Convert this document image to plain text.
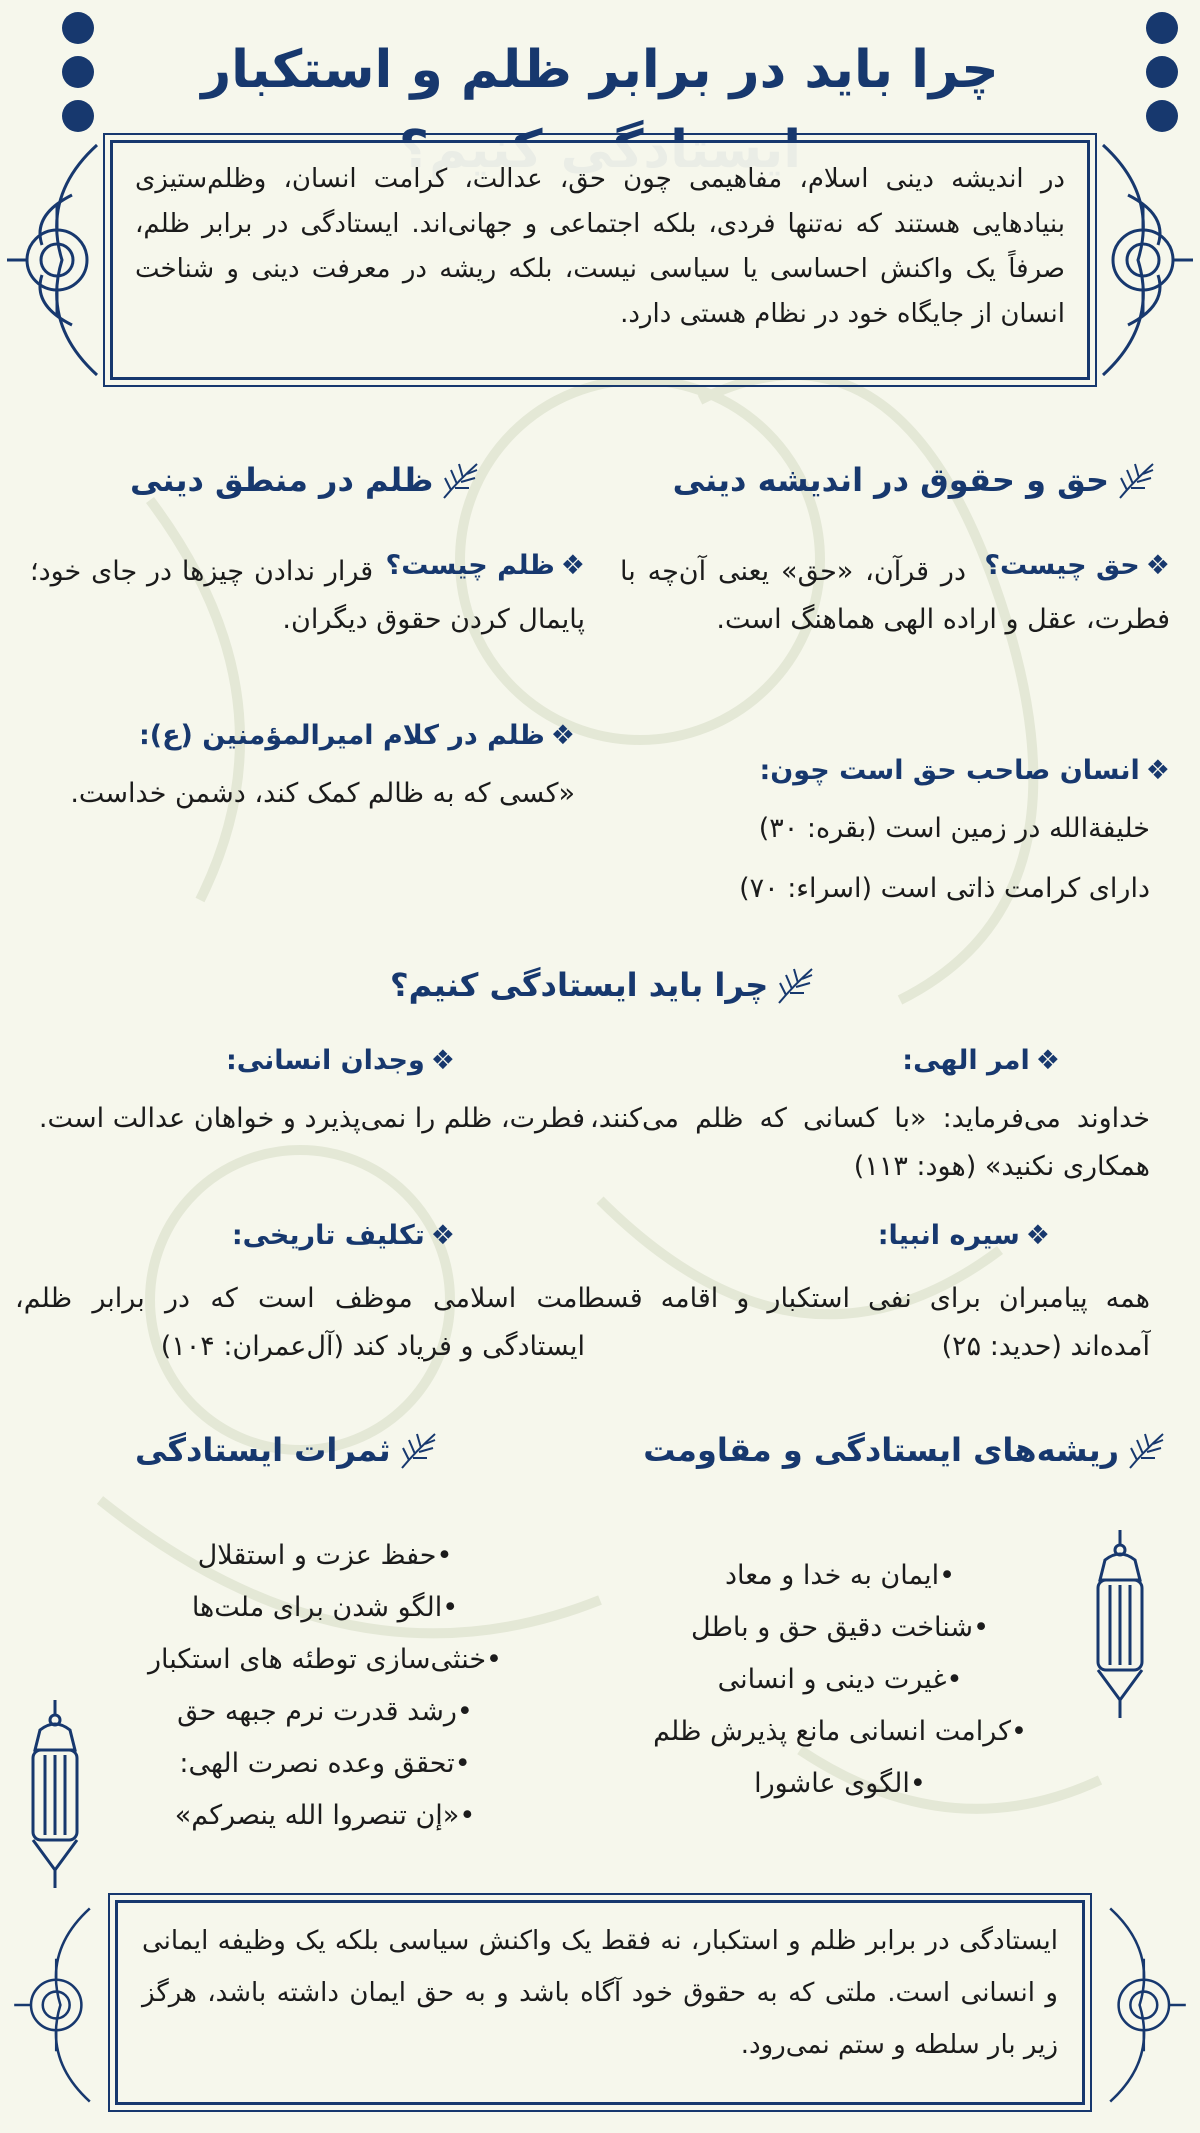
چرا باید در برابر ظلم و استکبار

در اندیشه دینی اسلام، مفاهیمی چون حق، عدالت، کرامت انسان، وظلم‌ستیزی بنیادهایی هستند که نه‌تنها فردی، بلکه اجتماعی و جهانی‌اند. ایستادگی در برابر ظلم، صرفاً یک واکنش احساسی یا سیاسی نیست، بلکه ریشه در معرفت دینی و شناخت انسان از جایگاه خود در نظام هستی دارد.

حق و حقوق در اندیشه دینی
❖
حق چیست؟
در قرآن، «حق» یعنی آن‌چه با فطرت، عقل و اراده الهی هماهنگ است.
❖
انسان صاحب حق است چون:
خلیفة‌الله در زمین است (بقره: ۳۰)
دارای کرامت ذاتی است (اسراء: ۷۰)
ظلم در منطق دینی
❖
ظلم چیست؟
قرار ندادن چیزها در جای خود؛ پایمال کردن حقوق دیگران.
❖
ظلم در کلام امیرالمؤمنین (ع):
«کسی که به ظالم کمک کند، دشمن خداست.
چرا باید ایستادگی کنیم؟
❖
امر الهی:
خداوند می‌فرماید: «با کسانی که ظلم می‌کنند، همکاری نکنید» (هود: ۱۱۳)
❖
وجدان انسانی:
فطرت، ظلم را نمی‌پذیرد و خواهان عدالت است.
❖
سیره انبیا:
همه پیامبران برای نفی استکبار و اقامه قسط آمده‌اند (حدید: ۲۵)
❖
تکلیف تاریخی:
امت اسلامی موظف است که در برابر ظلم، ایستادگی و فریاد کند (آل‌عمران: ۱۰۴)
ریشه‌های ایستادگی و مقاومت
• ایمان به خدا و معاد
• شناخت دقیق حق و باطل
• غیرت دینی و انسانی
• کرامت انسانی مانع پذیرش ظلم
• الگوی عاشورا
ثمرات ایستادگی
• حفظ عزت و استقلال
• الگو شدن برای ملت‌ها
• خنثی‌سازی توطئه‌ های استکبار
• رشد قدرت نرم جبهه حق
• تحقق وعده نصرت الهی:
• «إن تنصروا الله ینصرکم»

ایستادگی در برابر ظلم و استکبار، نه فقط یک واکنش سیاسی بلکه یک وظیفه ایمانی و انسانی است. ملتی که به حقوق خود آگاه باشد و به حق ایمان داشته باشد، هرگز زیر بار سلطه و ستم نمی‌رود.
